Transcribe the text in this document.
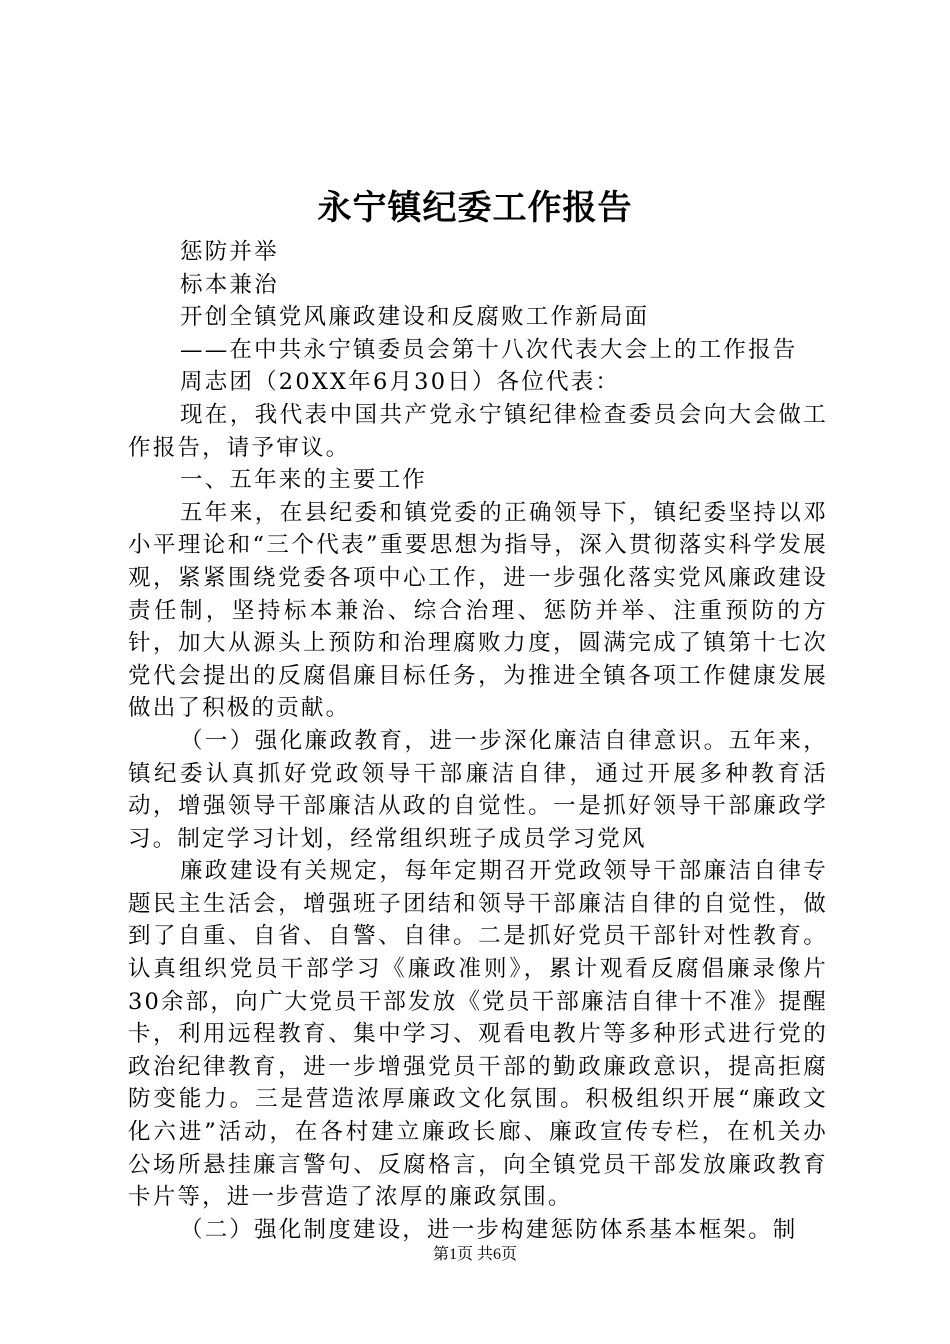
永宁镇纪委工作报告

惩防并举

标本兼治

开创全镇党风廉政建设和反腐败工作新局面

——在中共永宁镇委员会第十八次代表大会上的工作报告

周志团（20XX年6月30日）各位代表：

现在，我代表中国共产党永宁镇纪律检查委员会向大会做工作报告，请予审议。

一、五年来的主要工作

五年来，在县纪委和镇党委的正确领导下，镇纪委坚持以邓小平理论和“三个代表”重要思想为指导，深入贯彻落实科学发展观，紧紧围绕党委各项中心工作，进一步强化落实党风廉政建设责任制，坚持标本兼治、综合治理、惩防并举、注重预防的方针，加大从源头上预防和治理腐败力度，圆满完成了镇第十七次党代会提出的反腐倡廉目标任务，为推进全镇各项工作健康发展做出了积极的贡献。

（一）强化廉政教育，进一步深化廉洁自律意识。五年来，镇纪委认真抓好党政领导干部廉洁自律，通过开展多种教育活动，增强领导干部廉洁从政的自觉性。一是抓好领导干部廉政学习。制定学习计划，经常组织班子成员学习党风

廉政建设有关规定，每年定期召开党政领导干部廉洁自律专题民主生活会，增强班子团结和领导干部廉洁自律的自觉性，做到了自重、自省、自警、自律。二是抓好党员干部针对性教育。认真组织党员干部学习《廉政准则》，累计观看反腐倡廉录像片30余部，向广大党员干部发放《党员干部廉洁自律十不准》提醒卡，利用远程教育、集中学习、观看电教片等多种形式进行党的政治纪律教育，进一步增强党员干部的勤政廉政意识，提高拒腐防变能力。三是营造浓厚廉政文化氛围。积极组织开展“廉政文化六进”活动，在各村建立廉政长廊、廉政宣传专栏，在机关办公场所悬挂廉言警句、反腐格言，向全镇党员干部发放廉政教育卡片等，进一步营造了浓厚的廉政氛围。

（二）强化制度建设，进一步构建惩防体系基本框架。制

第1页 共6页
